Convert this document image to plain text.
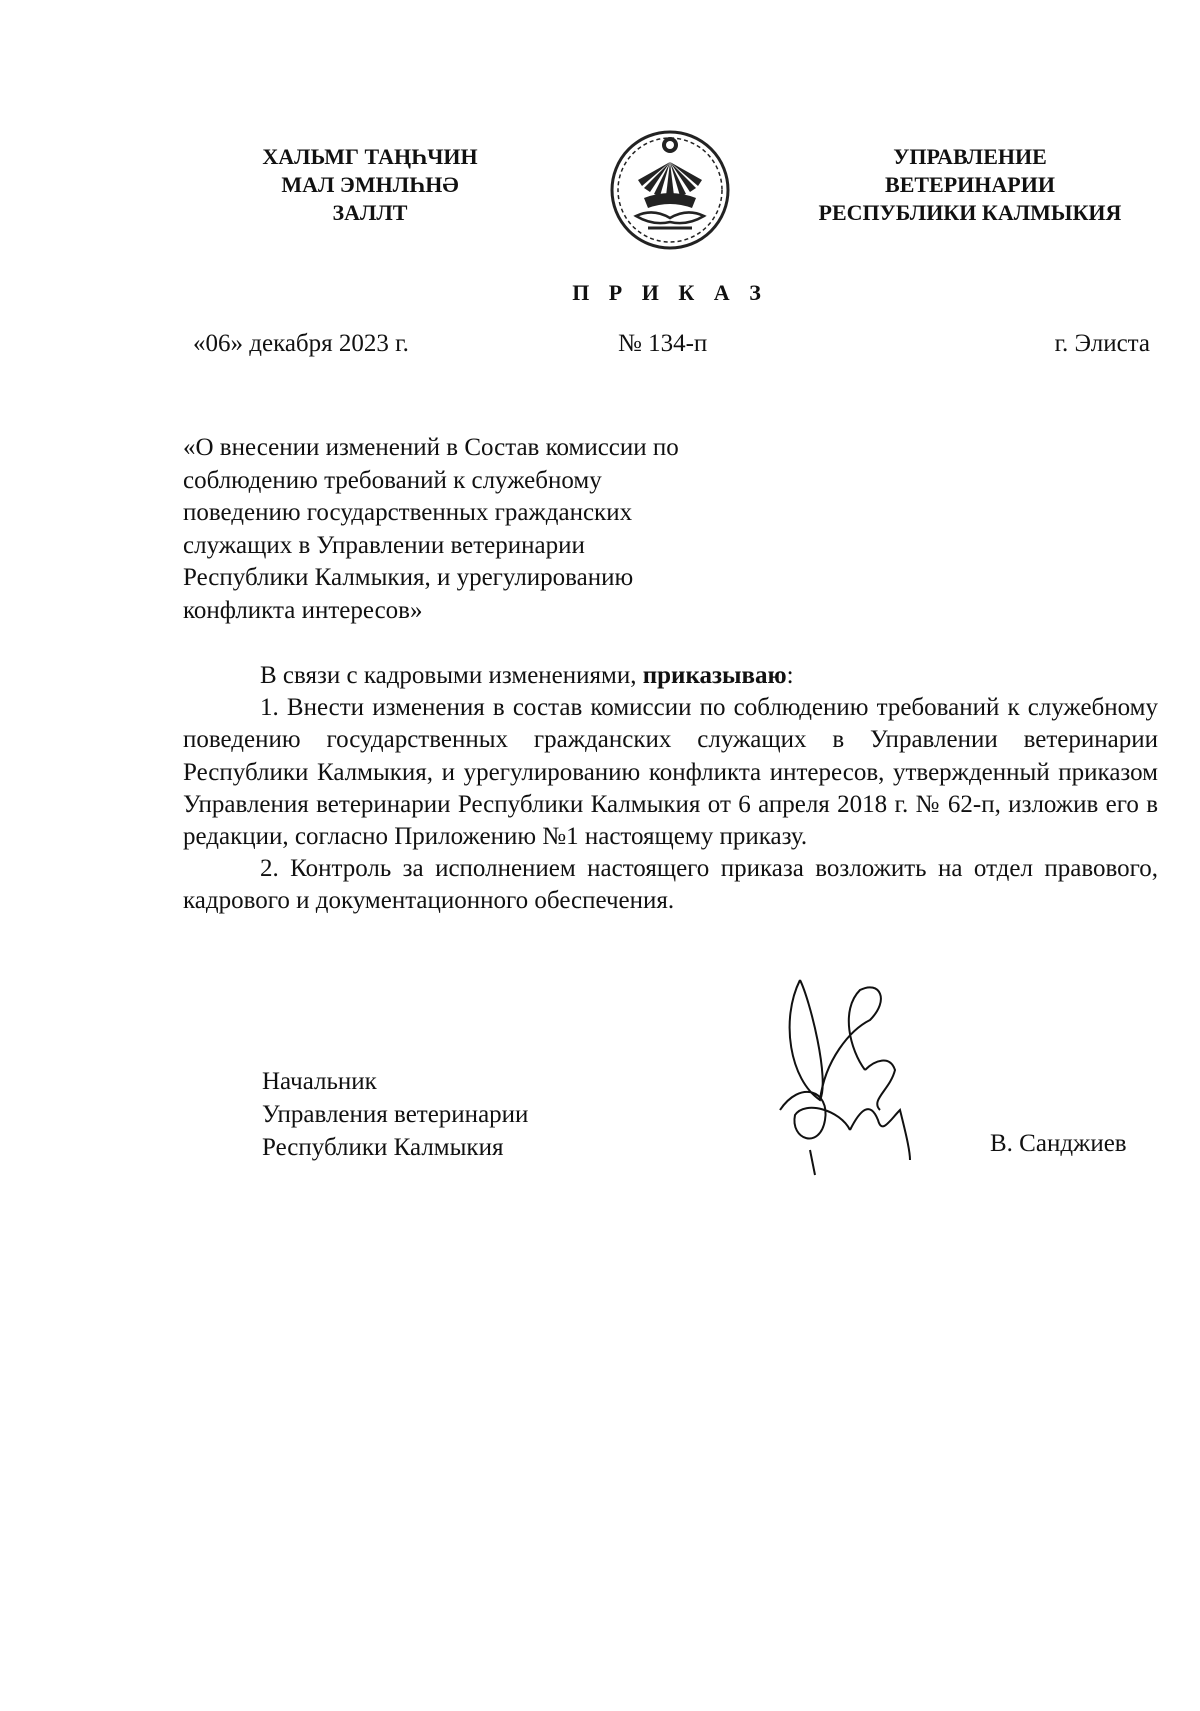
ХАЛЬМГ ТАҢҺЧИН
МАЛ ЭМНЛҺНӘ
ЗАЛЛТ
УПРАВЛЕНИЕ
ВЕТЕРИНАРИИ
РЕСПУБЛИКИ КАЛМЫКИЯ
П Р И К А З
«06» декабря 2023 г.	№ 134-п	г. Элиста
«О внесении изменений в Состав комиссии по
соблюдению требований к служебному
поведению государственных гражданских
служащих в Управлении ветеринарии
Республики Калмыкия, и урегулированию
конфликта интересов»

В связи с кадровыми изменениями, приказываю:

1. Внести изменения в состав комиссии по соблюдению требований к служебному поведению государственных гражданских служащих в Управлении ветеринарии Республики Калмыкия, и урегулированию конфликта интересов, утвержденный приказом Управления ветеринарии Республики Калмыкия от 6 апреля 2018 г. № 62-п, изложив его в редакции, согласно Приложению №1 настоящему приказу.

2. Контроль за исполнением настоящего приказа возложить на отдел правового, кадрового и документационного обеспечения.

Начальник
Управления ветеринарии
Республики Калмыкия	В. Санджиев
